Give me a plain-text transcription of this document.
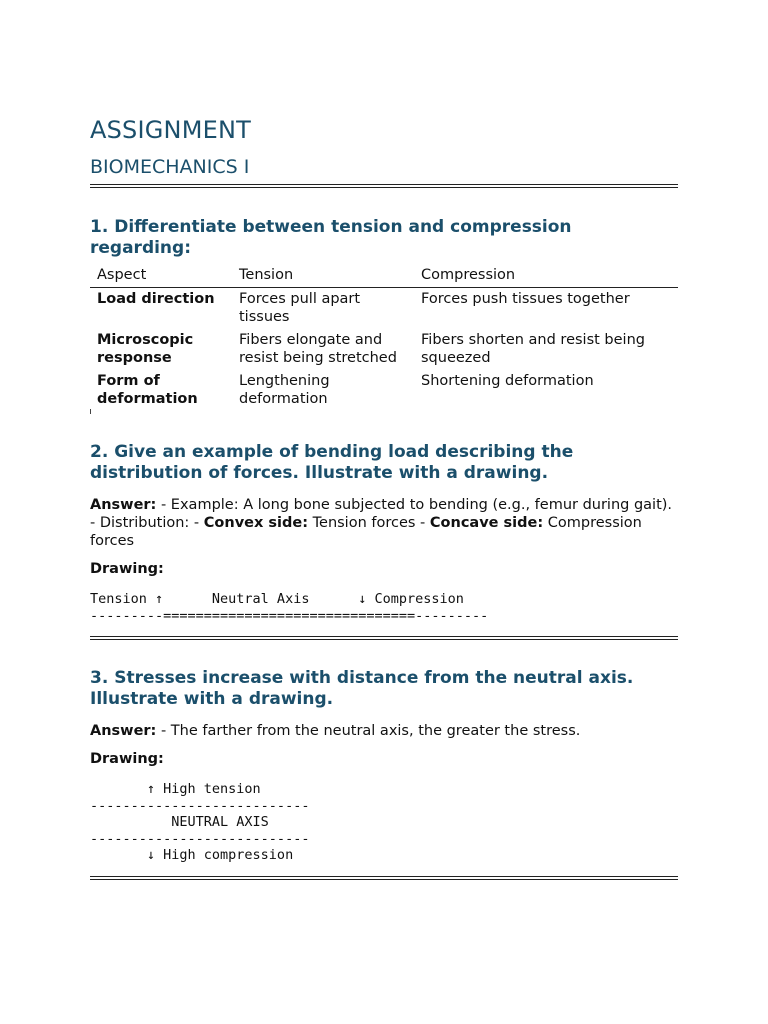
ASSIGNMENT
BIOMECHANICS I
1. Differentiate between tension and compression regarding:
Aspect	Tension	Compression
Load direction	Forces pull apart tissues	Forces push tissues together
Microscopic response	Fibers elongate and resist being stretched	Fibers shorten and resist being squeezed
Form of deformation	Lengthening deformation	Shortening deformation
2. Give an example of bending load describing the distribution of forces. Illustrate with a drawing.

Answer: - Example: A long bone subjected to bending (e.g., femur during gait). - Distribution: - Convex side: Tension forces - Concave side: Compression forces

Drawing:
Tension ↑      Neutral Axis      ↓ Compression
---------===============================---------
3. Stresses increase with distance from the neutral axis. Illustrate with a drawing.

Answer: - The farther from the neutral axis, the greater the stress.

Drawing:
↑ High tension
---------------------------
NEUTRAL AXIS
---------------------------
↓ High compression
